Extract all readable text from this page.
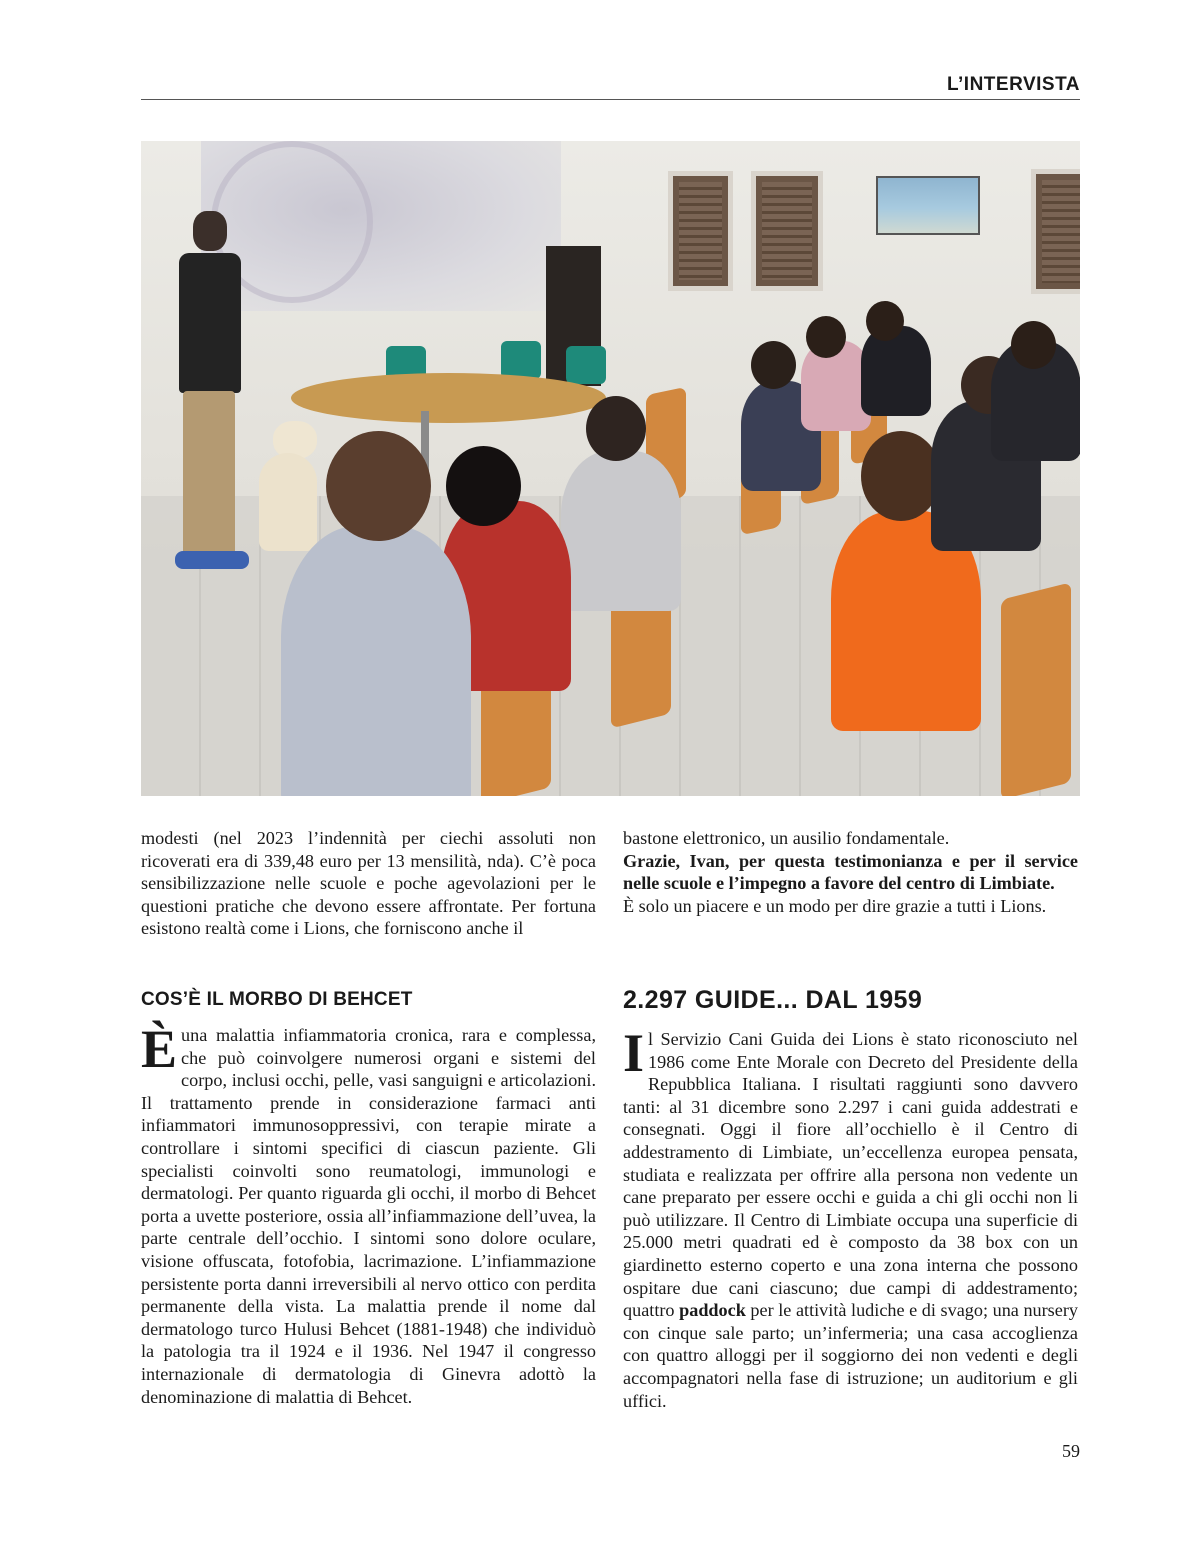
L’INTERVISTA

modesti (nel 2023 l’indennità per ciechi assoluti non ricoverati era di 339,48 euro per 13 mensilità, nda). C’è poca sensibilizzazione nelle scuole e poche agevolazioni per le questioni pratiche che devono essere affrontate. Per fortuna esistono realtà come i Lions, che forniscono anche il

bastone elettronico, un ausilio fondamentale.

Grazie, Ivan, per questa testimonianza e per il service nelle scuole e l’impegno a favore del centro di Limbiate.

È solo un piacere e un modo per dire grazie a tutti i Lions.

COS’È IL MORBO DI BEHCET

È una malattia infiammatoria cronica, rara e complessa, che può coinvolgere numerosi organi e sistemi del corpo, inclusi occhi, pelle, vasi sanguigni e articolazioni. Il trattamento prende in considerazione farmaci anti infiammatori immunosoppressivi, con terapie mirate a controllare i sintomi specifici di ciascun paziente. Gli specialisti coinvolti sono reumatologi, immunologi e dermatologi. Per quanto riguarda gli occhi, il morbo di Behcet porta a uvette posteriore, ossia all’infiammazione dell’uvea, la parte centrale dell’occhio. I sintomi sono dolore oculare, visione offuscata, fotofobia, lacrimazione. L’infiammazione persistente porta danni irreversibili al nervo ottico con perdita permanente della vista. La malattia prende il nome dal dermatologo turco Hulusi Behcet (1881-1948) che individuò la patologia tra il 1924 e il 1936. Nel 1947 il congresso internazionale di dermatologia di Ginevra adottò la denominazione di malattia di Behcet.

2.297 GUIDE... DAL 1959

Il Servizio Cani Guida dei Lions è stato riconosciuto nel 1986 come Ente Morale con Decreto del Presidente della Repubblica Italiana. I risultati raggiunti sono davvero tanti: al 31 dicembre sono 2.297 i cani guida addestrati e consegnati. Oggi il fiore all’occhiello è il Centro di addestramento di Limbiate, un’eccellenza europea pensata, studiata e realizzata per offrire alla persona non vedente un cane preparato per essere occhi e guida a chi gli occhi non li può utilizzare. Il Centro di Limbiate occupa una superficie di 25.000 metri quadrati ed è composto da 38 box con un giardinetto esterno coperto e una zona interna che possono ospitare due cani ciascuno; due campi di addestramento; quattro paddock per le attività ludiche e di svago; una nursery con cinque sale parto; un’infermeria; una casa accoglienza con quattro alloggi per il soggiorno dei non vedenti e degli accompagnatori nella fase di istruzione; un auditorium e gli uffici.

59
